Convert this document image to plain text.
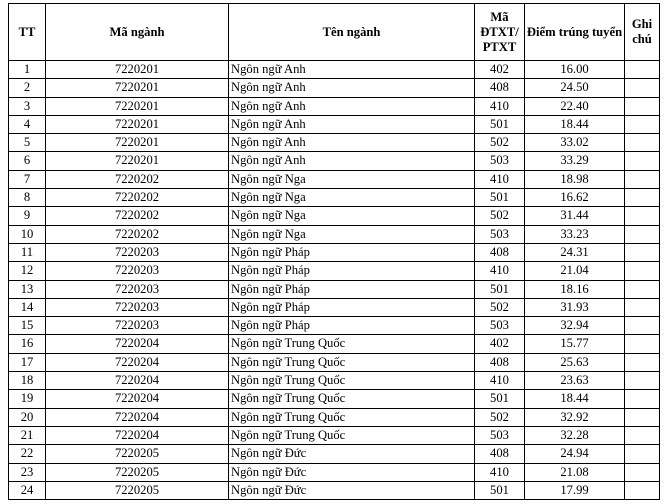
TT	Mã ngành	Tên ngành	Mã ĐTXT/ PTXT	Điểm trúng tuyển	Ghi chú
1	7220201	Ngôn ngữ Anh	402	16.00	
2	7220201	Ngôn ngữ Anh	408	24.50	
3	7220201	Ngôn ngữ Anh	410	22.40	
4	7220201	Ngôn ngữ Anh	501	18.44	
5	7220201	Ngôn ngữ Anh	502	33.02	
6	7220201	Ngôn ngữ Anh	503	33.29	
7	7220202	Ngôn ngữ Nga	410	18.98	
8	7220202	Ngôn ngữ Nga	501	16.62	
9	7220202	Ngôn ngữ Nga	502	31.44	
10	7220202	Ngôn ngữ Nga	503	33.23	
11	7220203	Ngôn ngữ Pháp	408	24.31	
12	7220203	Ngôn ngữ Pháp	410	21.04	
13	7220203	Ngôn ngữ Pháp	501	18.16	
14	7220203	Ngôn ngữ Pháp	502	31.93	
15	7220203	Ngôn ngữ Pháp	503	32.94	
16	7220204	Ngôn ngữ Trung Quốc	402	15.77	
17	7220204	Ngôn ngữ Trung Quốc	408	25.63	
18	7220204	Ngôn ngữ Trung Quốc	410	23.63	
19	7220204	Ngôn ngữ Trung Quốc	501	18.44	
20	7220204	Ngôn ngữ Trung Quốc	502	32.92	
21	7220204	Ngôn ngữ Trung Quốc	503	32.28	
22	7220205	Ngôn ngữ Đức	408	24.94	
23	7220205	Ngôn ngữ Đức	410	21.08	
24	7220205	Ngôn ngữ Đức	501	17.99	
